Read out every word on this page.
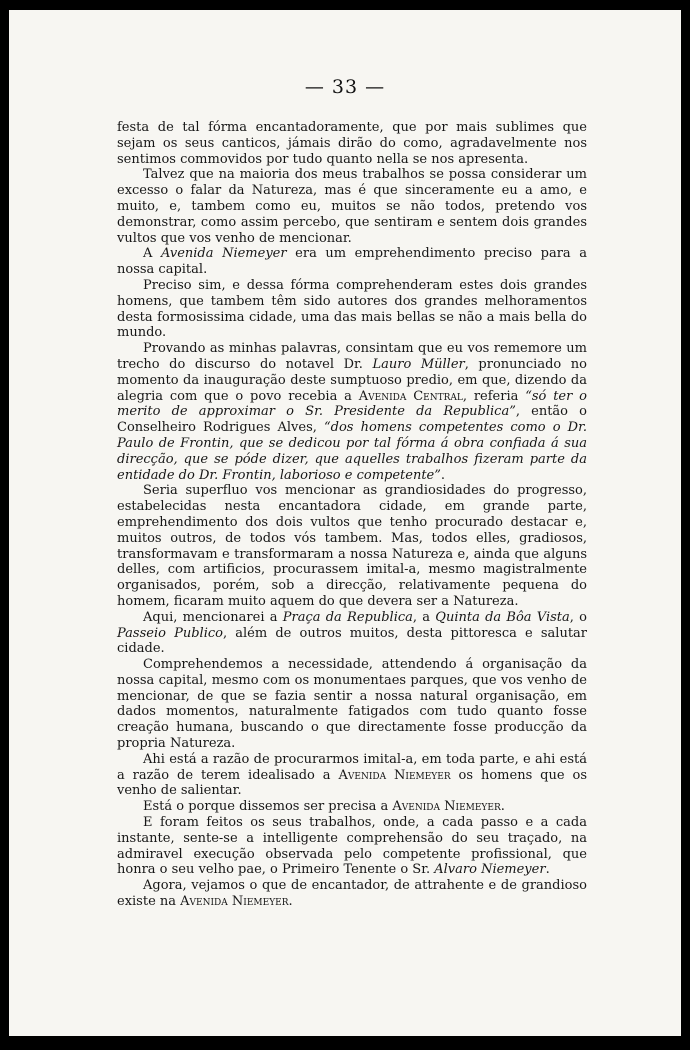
— 33 —

festa de tal fórma encantadoramente, que por mais sublimes que sejam os seus canticos, jámais dirão do como, agradavelmente nos sentimos commovidos por tudo quanto nella se nos apresenta.

Talvez que na maioria dos meus trabalhos se possa considerar um excesso o falar da Natureza, mas é que sinceramente eu a amo, e muito, e, tambem como eu, muitos se não todos, pretendo vos demonstrar, como assim percebo, que sentiram e sentem dois grandes vultos que vos venho de mencionar.

A Avenida Niemeyer era um emprehendimento preciso para a nossa capital.

Preciso sim, e dessa fórma comprehenderam estes dois grandes homens, que tambem têm sido autores dos grandes melhoramentos desta formosissima cidade, uma das mais bellas se não a mais bella do mundo.

Provando as minhas palavras, consintam que eu vos rememore um trecho do discurso do notavel Dr. Lauro Müller, pronunciado no momento da inauguração deste sumptuoso predio, em que, dizendo da alegria com que o povo recebia a Avenida Central, referia “só ter o merito de approximar o Sr. Presidente da Republica”, então o Conselheiro Rodrigues Alves, “dos homens competentes como o Dr. Paulo de Frontin, que se dedicou por tal fórma á obra confiada á sua direcção, que se póde dizer, que aquelles trabalhos fizeram parte da entidade do Dr. Frontin, laborioso e competente”.

Seria superfluo vos mencionar as grandiosidades do progresso, estabelecidas nesta encantadora cidade, em grande parte, emprehendimento dos dois vultos que tenho procurado destacar e, muitos outros, de todos vós tambem. Mas, todos elles, gradiosos, transformavam e transformaram a nossa Natureza e, ainda que alguns delles, com artificios, procurassem imital-a, mesmo magistralmente organisados, porém, sob a direcção, relativamente pequena do homem, ficaram muito aquem do que devera ser a Natureza.

Aqui, mencionarei a Praça da Republica, a Quinta da Bôa Vista, o Passeio Publico, além de outros muitos, desta pittoresca e salutar cidade.

Comprehendemos a necessidade, attendendo á organisação da nossa capital, mesmo com os monumentaes parques, que vos venho de mencionar, de que se fazia sentir a nossa natural organisação, em dados momentos, naturalmente fatigados com tudo quanto fosse creação humana, buscando o que directamente fosse producção da propria Natureza.

Ahi está a razão de procurarmos imital-a, em toda parte, e ahi está a razão de terem idealisado a Avenida Niemeyer os homens que os venho de salientar.

Está o porque dissemos ser precisa a Avenida Niemeyer.

E foram feitos os seus trabalhos, onde, a cada passo e a cada instante, sente-se a intelligente comprehensão do seu traçado, na admiravel execução observada pelo competente profissional, que honra o seu velho pae, o Primeiro Tenente o Sr. Alvaro Niemeyer.

Agora, vejamos o que de encantador, de attrahente e de grandioso existe na Avenida Niemeyer.
